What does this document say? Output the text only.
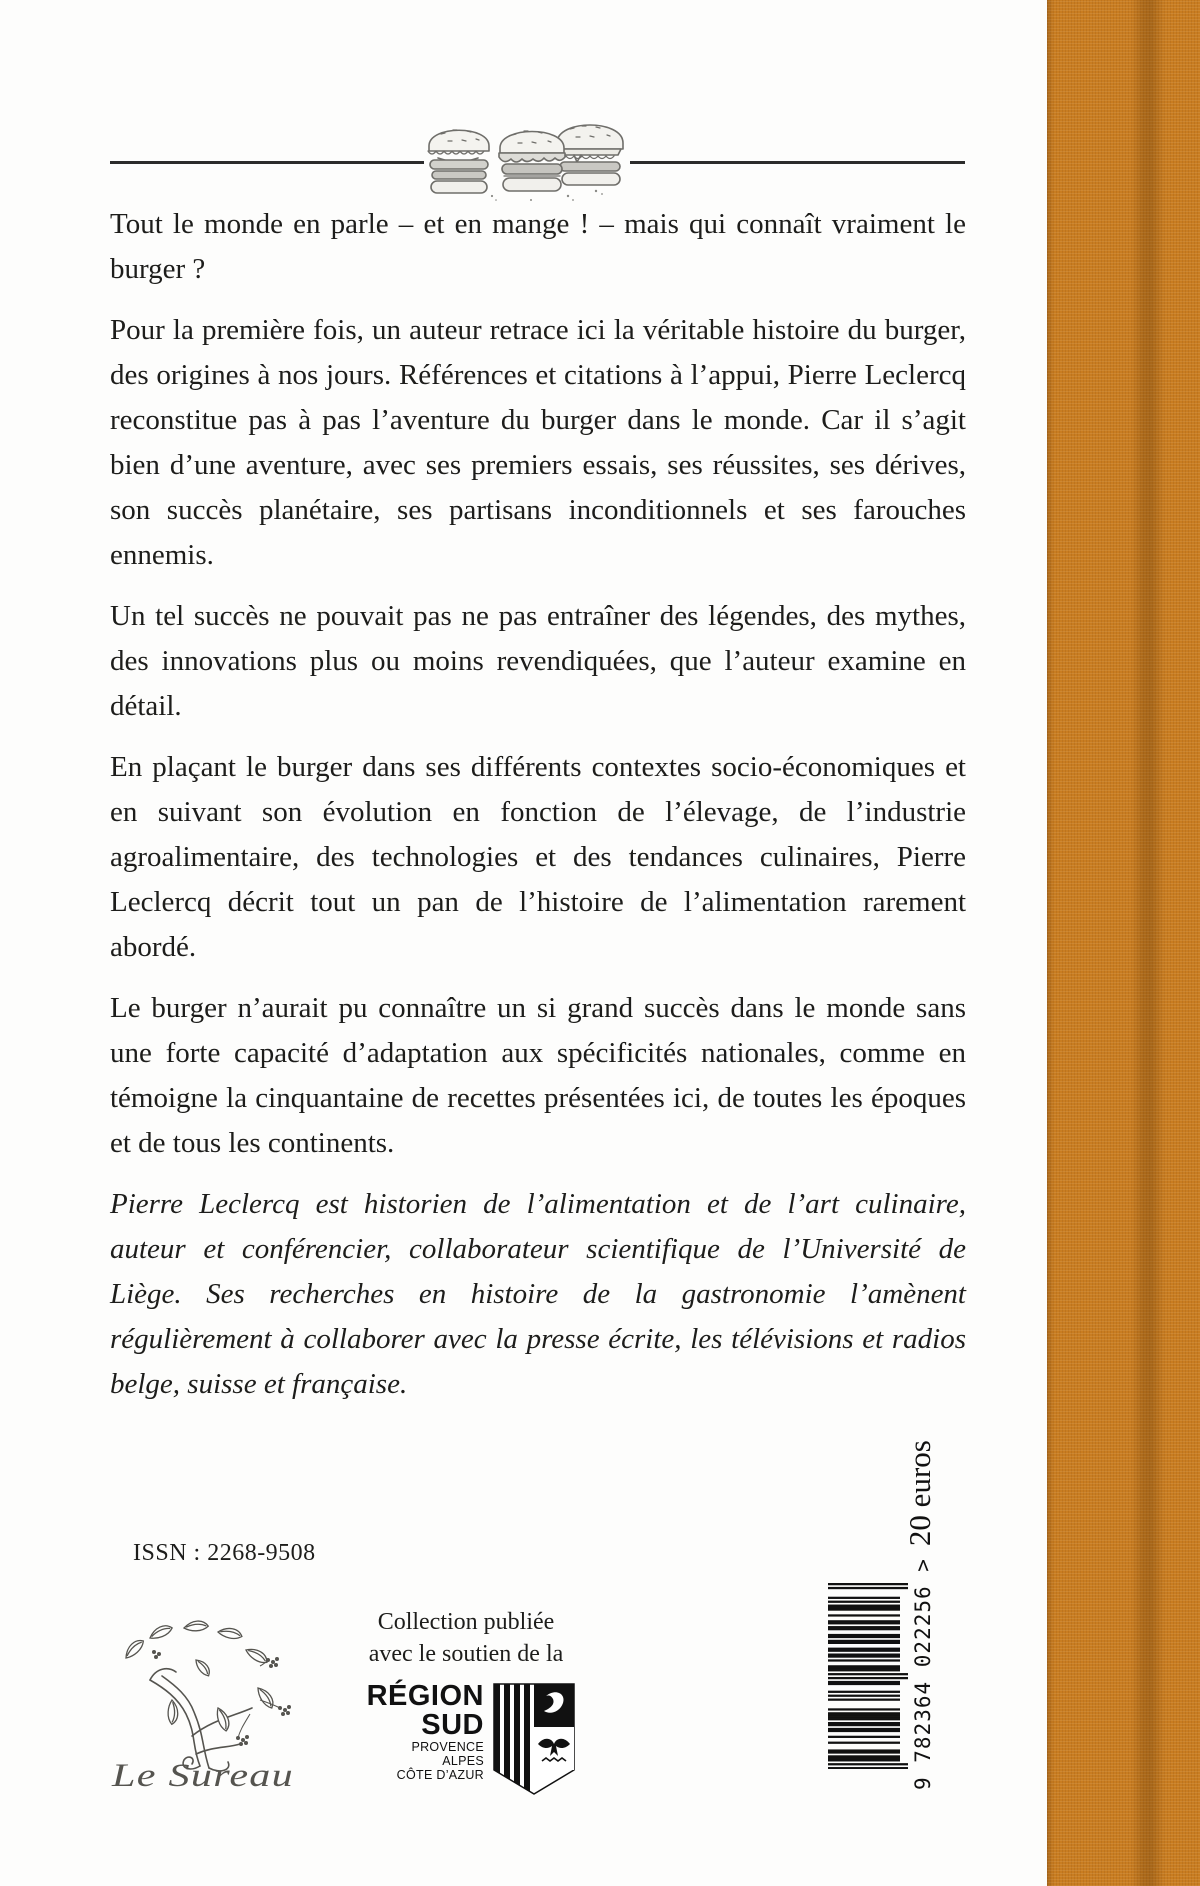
Tout le monde en parle – et en mange ! – mais qui connaît vraiment le burger ?

Pour la première fois, un auteur retrace ici la véritable histoire du burger, des origines à nos jours. Références et citations à l’appui, Pierre Leclercq reconstitue pas à pas l’aventure du burger dans le monde. Car il s’agit bien d’une aventure, avec ses premiers essais, ses réussites, ses dérives, son succès planétaire, ses partisans inconditionnels et ses farouches ennemis.

Un tel succès ne pouvait pas ne pas entraîner des légendes, des mythes, des innovations plus ou moins revendiquées, que l’auteur examine en détail.

En plaçant le burger dans ses différents contextes socio-économiques et en suivant son évolution en fonction de l’élevage, de l’industrie agroalimentaire, des technologies et des tendances culinaires, Pierre Leclercq décrit tout un pan de l’histoire de l’alimentation rarement abordé.

Le burger n’aurait pu connaître un si grand succès dans le monde sans une forte capacité d’adaptation aux spécificités nationales, comme en témoigne la cinquantaine de recettes présentées ici, de toutes les époques et de tous les continents.

Pierre Leclercq est historien de l’alimentation et de l’art culinaire, auteur et conférencier, collaborateur scientifique de l’Université de Liège. Ses recherches en histoire de la gastronomie l’amènent régulièrement à collaborer avec la presse écrite, les télévisions et radios belge, suisse et française.

ISSN : 2268-9508
Le Sureau
Collection publiée
avec le soutien de la
RÉGION
SUD
PROVENCE
ALPES
CÔTE D’AZUR	9 782364 022256 >
20 euros
